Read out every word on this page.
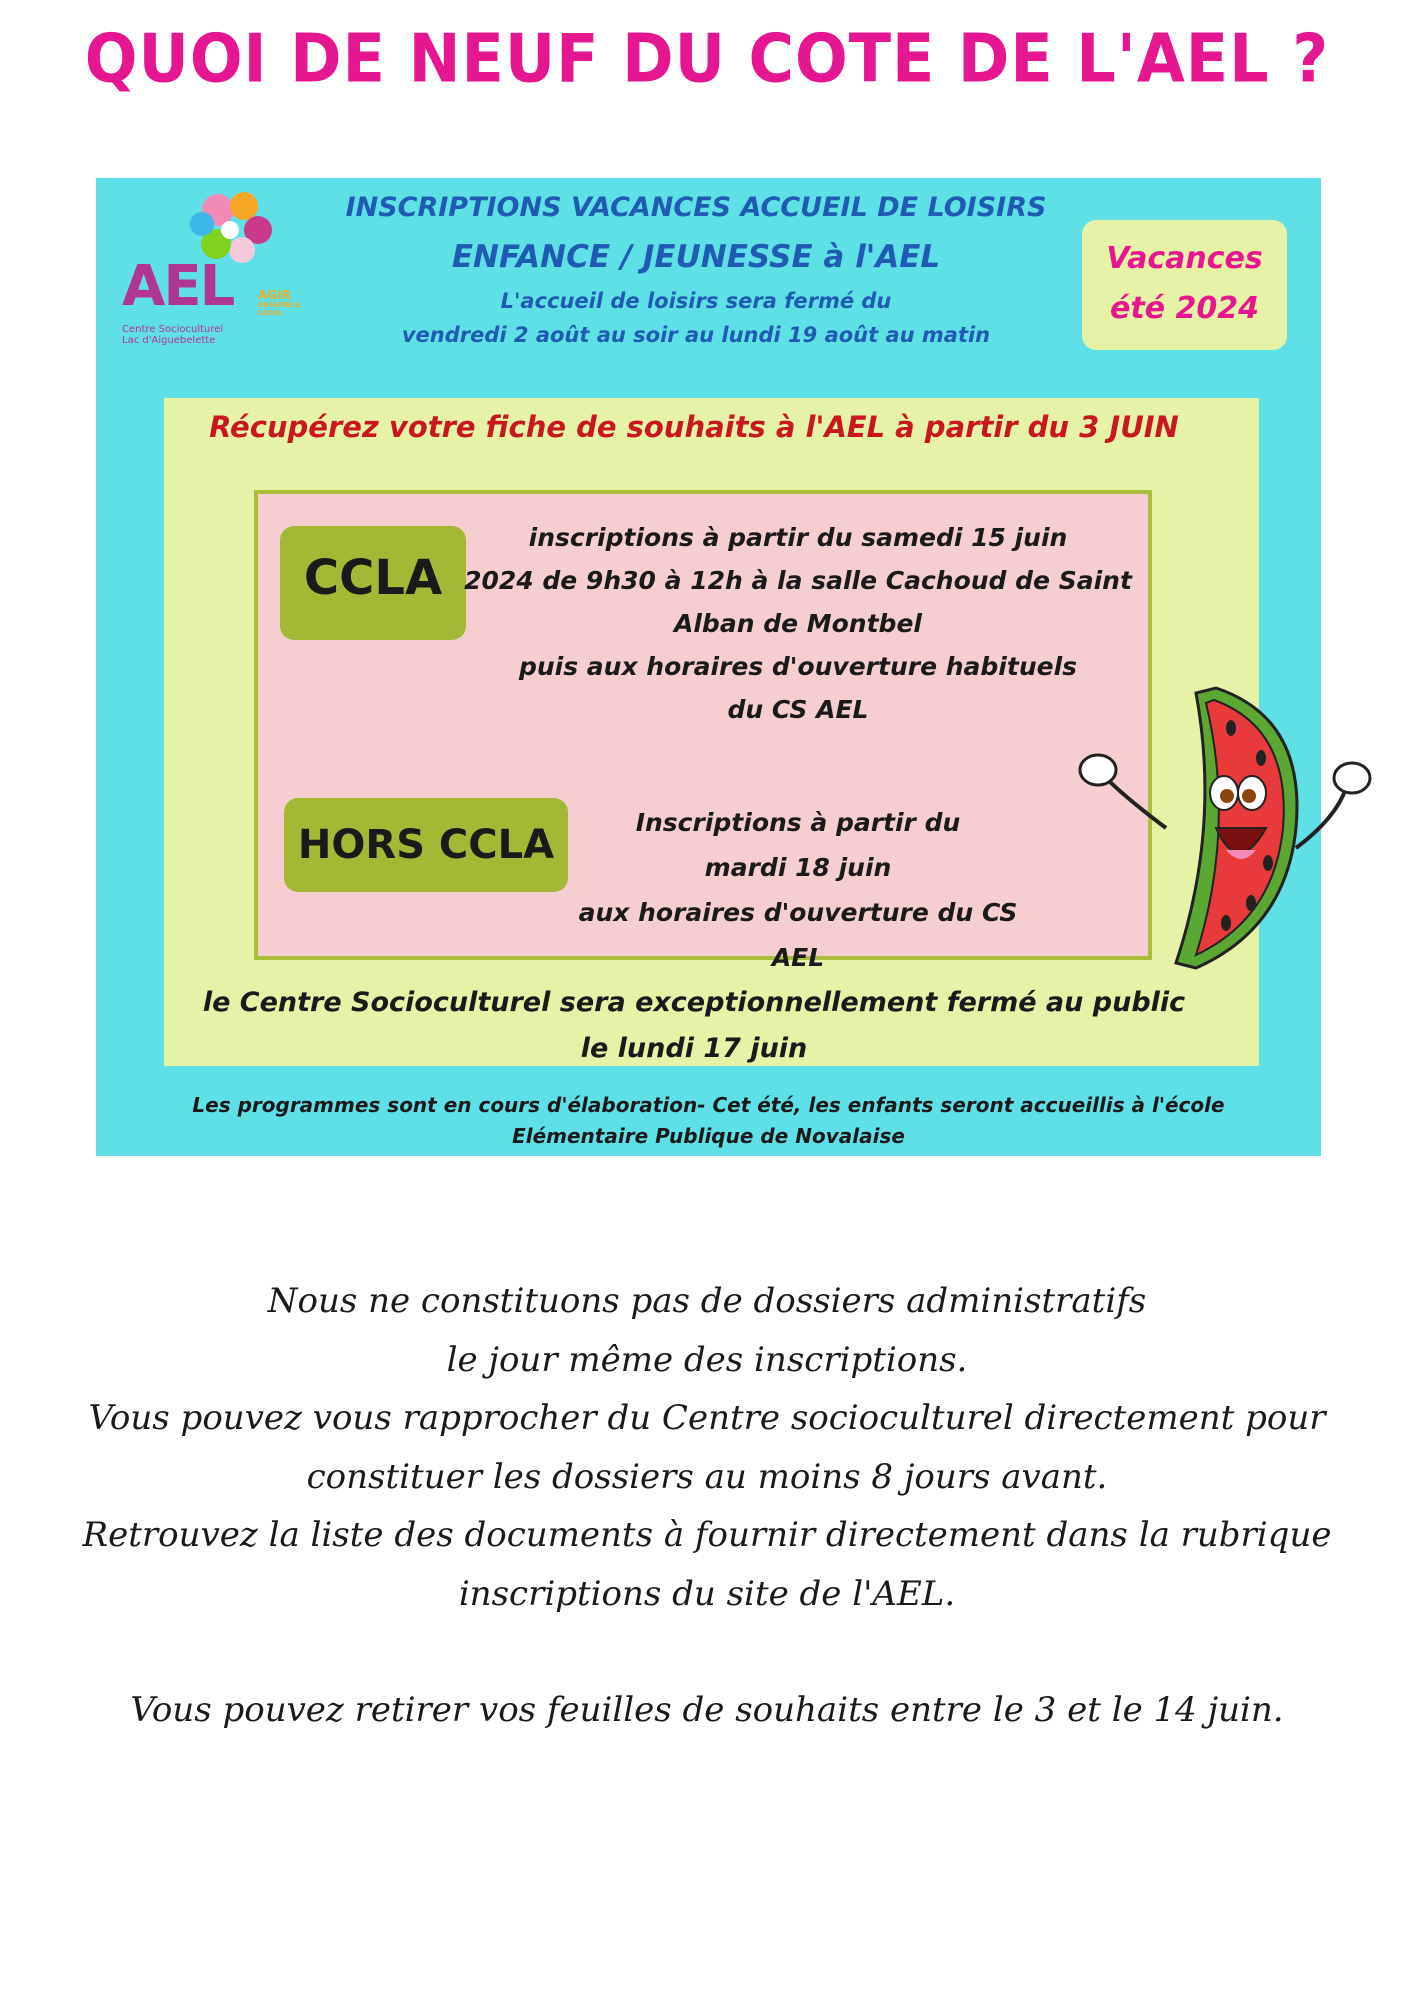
QUOI DE NEUF DU COTE DE L'AEL ?
AEL AGIR
ENSEMBLE
LOCAL
Centre Socioculturel
Lac d'Aiguebelette
INSCRIPTIONS VACANCES ACCUEIL DE LOISIRS
ENFANCE / JEUNESSE à l'AEL
L'accueil de loisirs sera fermé du
vendredi 2 août au soir au lundi 19 août au matin
Vacances
été 2024
Récupérez votre fiche de souhaits à l'AEL à partir du 3 JUIN
CCLA
inscriptions à partir du samedi 15 juin
2024 de 9h30 à 12h à la salle Cachoud de Saint
Alban de Montbel
puis aux horaires d'ouverture habituels
du CS AEL
HORS CCLA	Inscriptions à partir du
mardi 18 juin
aux horaires d'ouverture du CS AEL
le Centre Socioculturel sera exceptionnellement fermé au public
le lundi 17 juin
Les programmes sont en cours d'élaboration- Cet été, les enfants seront accueillis à l'école
Elémentaire Publique de Novalaise
Nous ne constituons pas de dossiers administratifs
le jour même des inscriptions.
Vous pouvez vous rapprocher du Centre socioculturel directement pour
constituer les dossiers au moins 8 jours avant.
Retrouvez la liste des documents à fournir directement dans la rubrique
inscriptions du site de l'AEL.
Vous pouvez retirer vos feuilles de souhaits entre le 3 et le 14 juin.
